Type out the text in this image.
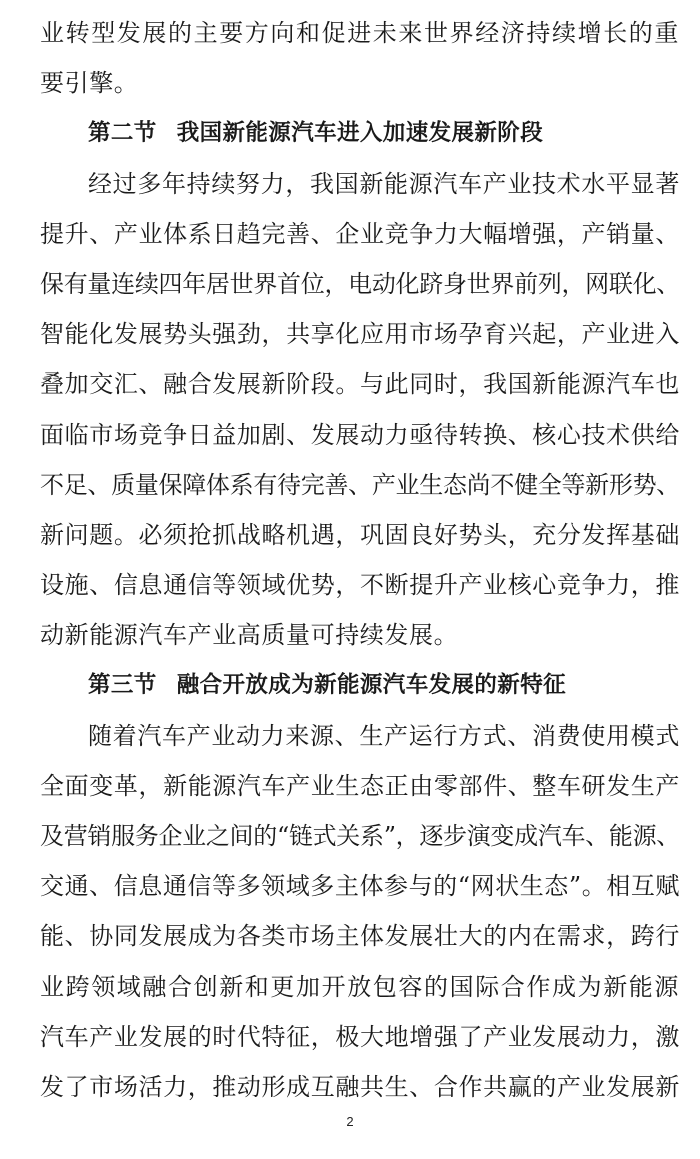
业转型发展的主要方向和促进未来世界经济持续增长的重
要引擎。
第二节 我国新能源汽车进入加速发展新阶段
经过多年持续努力，我国新能源汽车产业技术水平显著
提升、产业体系日趋完善、企业竞争力大幅增强，产销量、
保有量连续四年居世界首位，电动化跻身世界前列，网联化、
智能化发展势头强劲，共享化应用市场孕育兴起，产业进入
叠加交汇、融合发展新阶段。与此同时，我国新能源汽车也
面临市场竞争日益加剧、发展动力亟待转换、核心技术供给
不足、质量保障体系有待完善、产业生态尚不健全等新形势、
新问题。必须抢抓战略机遇，巩固良好势头，充分发挥基础
设施、信息通信等领域优势，不断提升产业核心竞争力，推
动新能源汽车产业高质量可持续发展。
第三节 融合开放成为新能源汽车发展的新特征
随着汽车产业动力来源、生产运行方式、消费使用模式
全面变革，新能源汽车产业生态正由零部件、整车研发生产
及营销服务企业之间的“链式关系”，逐步演变成汽车、能源、
交通、信息通信等多领域多主体参与的“网状生态”。相互赋
能、协同发展成为各类市场主体发展壮大的内在需求，跨行
业跨领域融合创新和更加开放包容的国际合作成为新能源
汽车产业发展的时代特征，极大地增强了产业发展动力，激
发了市场活力，推动形成互融共生、合作共赢的产业发展新
2
